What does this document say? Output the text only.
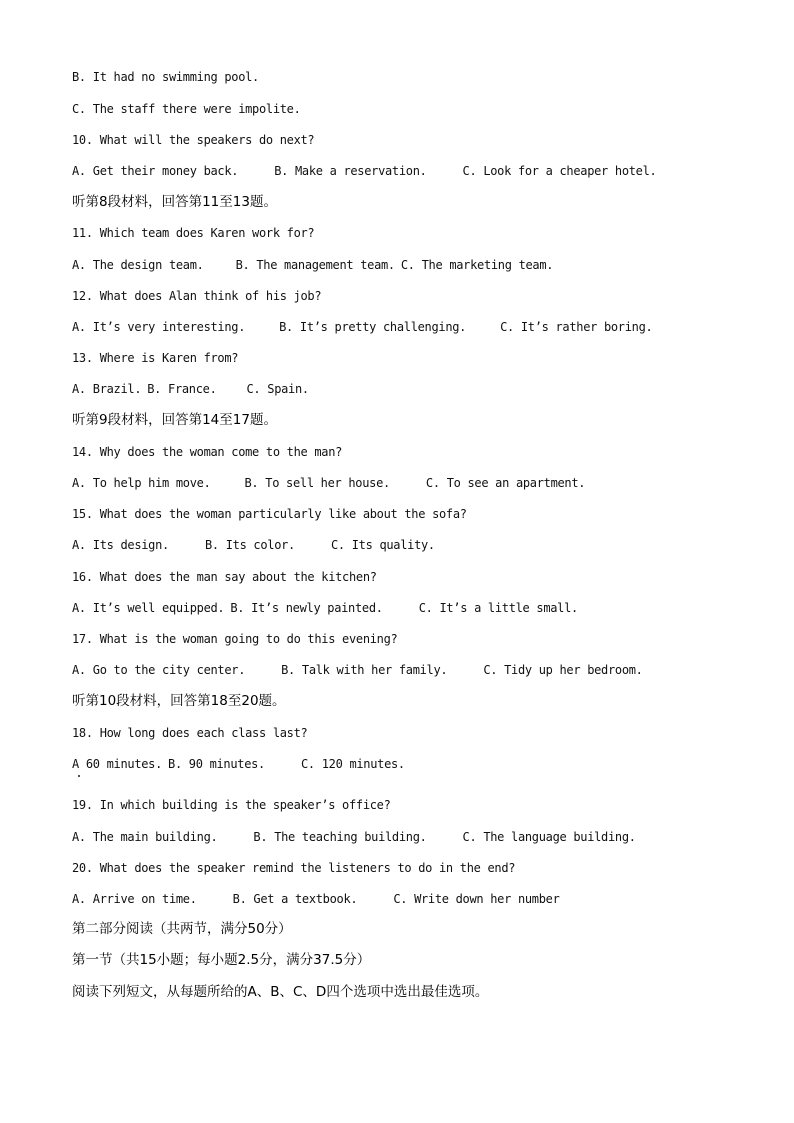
B. It had no swimming pool.
C. The staff there were impolite.
10. What will the speakers do next?
A. Get their money back.	B. Make a reservation.	C. Look for a cheaper hotel.
听第8段材料，回答第11至13题。
11. Which team does Karen work for?
A. The design team.	B. The management team. C. The marketing team.
12. What does Alan think of his job?
A. It’s very interesting.	B. It’s pretty challenging.	C. It’s rather boring.
13. Where is Karen from?
A. Brazil. B. France.	C. Spain.
听第9段材料，回答第14至17题。
14. Why does the woman come to the man?
A. To help him move.	B. To sell her house.	C. To see an apartment.
15. What does the woman particularly like about the sofa?
A. Its design.	B. Its color.	C. Its quality.
16. What does the man say about the kitchen?
A. It’s well equipped. B. It’s newly painted.	C. It’s a little small.
17. What is the woman going to do this evening?
A. Go to the city center.	B. Talk with her family.	C. Tidy up her bedroom.
听第10段材料，回答第18至20题。
18. How long does each class last?
A 60 minutes. B. 90 minutes.	C. 120 minutes.
19. In which building is the speaker’s office?
A. The main building.	B. The teaching building.	C. The language building.
20. What does the speaker remind the listeners to do in the end?
A. Arrive on time.	B. Get a textbook.	C. Write down her number
第二部分阅读（共两节，满分50分）
第一节（共15小题；每小题2.5分，满分37.5分）
阅读下列短文，从每题所给的A、B、C、D四个选项中选出最佳选项。
